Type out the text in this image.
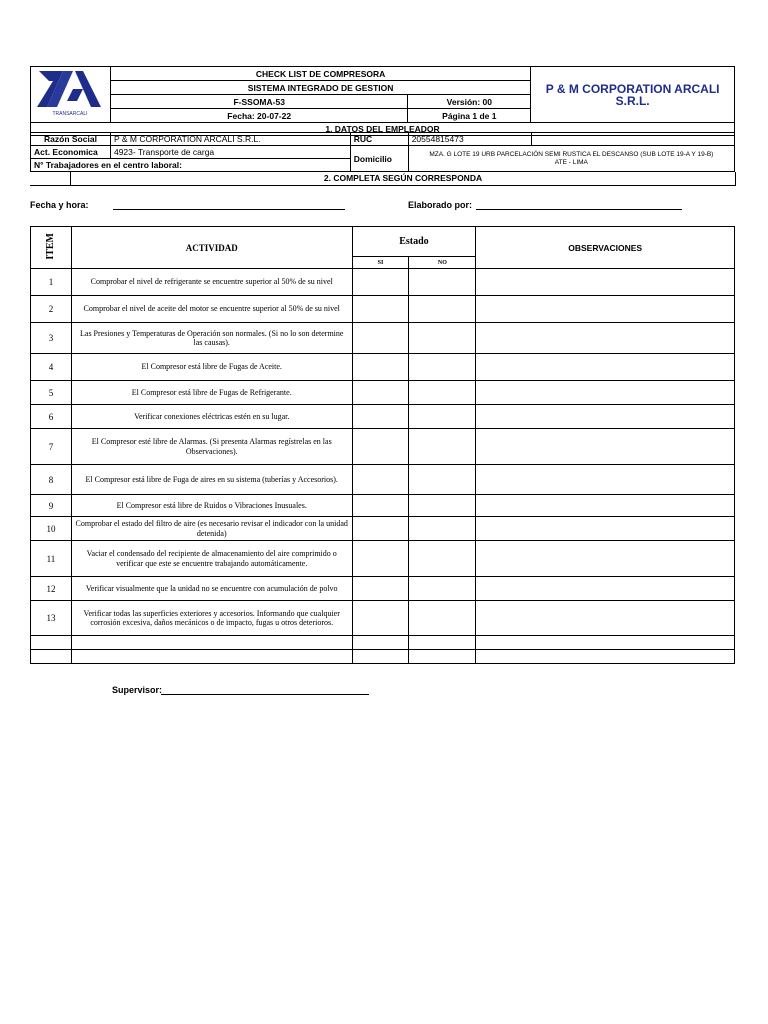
TRANSARCALI	CHECK LIST DE COMPRESORA		P & M CORPORATION ARCALI S.R.L.
	SISTEMA INTEGRADO DE GESTION		
	F-SSOMA-53	Versión: 00	
	Fecha: 20-07-22	Página 1 de 1	
1. DATOS DEL EMPLEADOR			
Razón Social	P & M CORPORATION ARCALI S.R.L.	RUC	20554815473	
Act. Economica	4923- Transporte de carga	Domicilio	MZA. G LOTE 19 URB PARCELACIÓN SEMI RUSTICA EL DESCANSO (SUB LOTE 19-A Y 19-B)
ATE - LIMA	
N° Trabajadores en el centro laboral:				
2. COMPLETA SEGÚN CORRESPONDA
Fecha y hora:	Elaborado por:
ITEM	ACTIVIDAD	Estado		OBSERVACIONES
		SI	NO	
1	Comprobar el nivel de refrigerante se encuentre superior al 50% de su nivel			
2	Comprobar el nivel de aceite del motor se encuentre superior al 50% de su nivel			
3	Las Presiones y Temperaturas de Operación son normales. (Si no lo son determine las causas).			
4	El Compresor está libre de Fugas de Aceite.			
5	El Compresor está libre de Fugas de Refrigerante.			
6	Verificar conexiones eléctricas estén en su lugar.			
7	El Compresor esté libre de Alarmas. (Si presenta Alarmas regístrelas en las Observaciones).			
8	El Compresor está libre de Fuga de aires en su sistema (tuberías y Accesorios).			
9	El Compresor está libre de Ruidos o Vibraciones Inusuales.			
10	Comprobar el estado del filtro de aire (es necesario revisar el indicador con la unidad detenida)			
11	Vaciar el condensado del recipiente de almacenamiento del aire comprimido o verificar que este se encuentre trabajando automáticamente.			
12	Verificar visualmente que la unidad no se encuentre con acumulación de polvo			
13	Verificar todas las superficies exteriores y accesorios. Informando que cualquier corrosión excesiva, daños mecánicos o de impacto, fugas u otros deterioros.			

Supervisor:
